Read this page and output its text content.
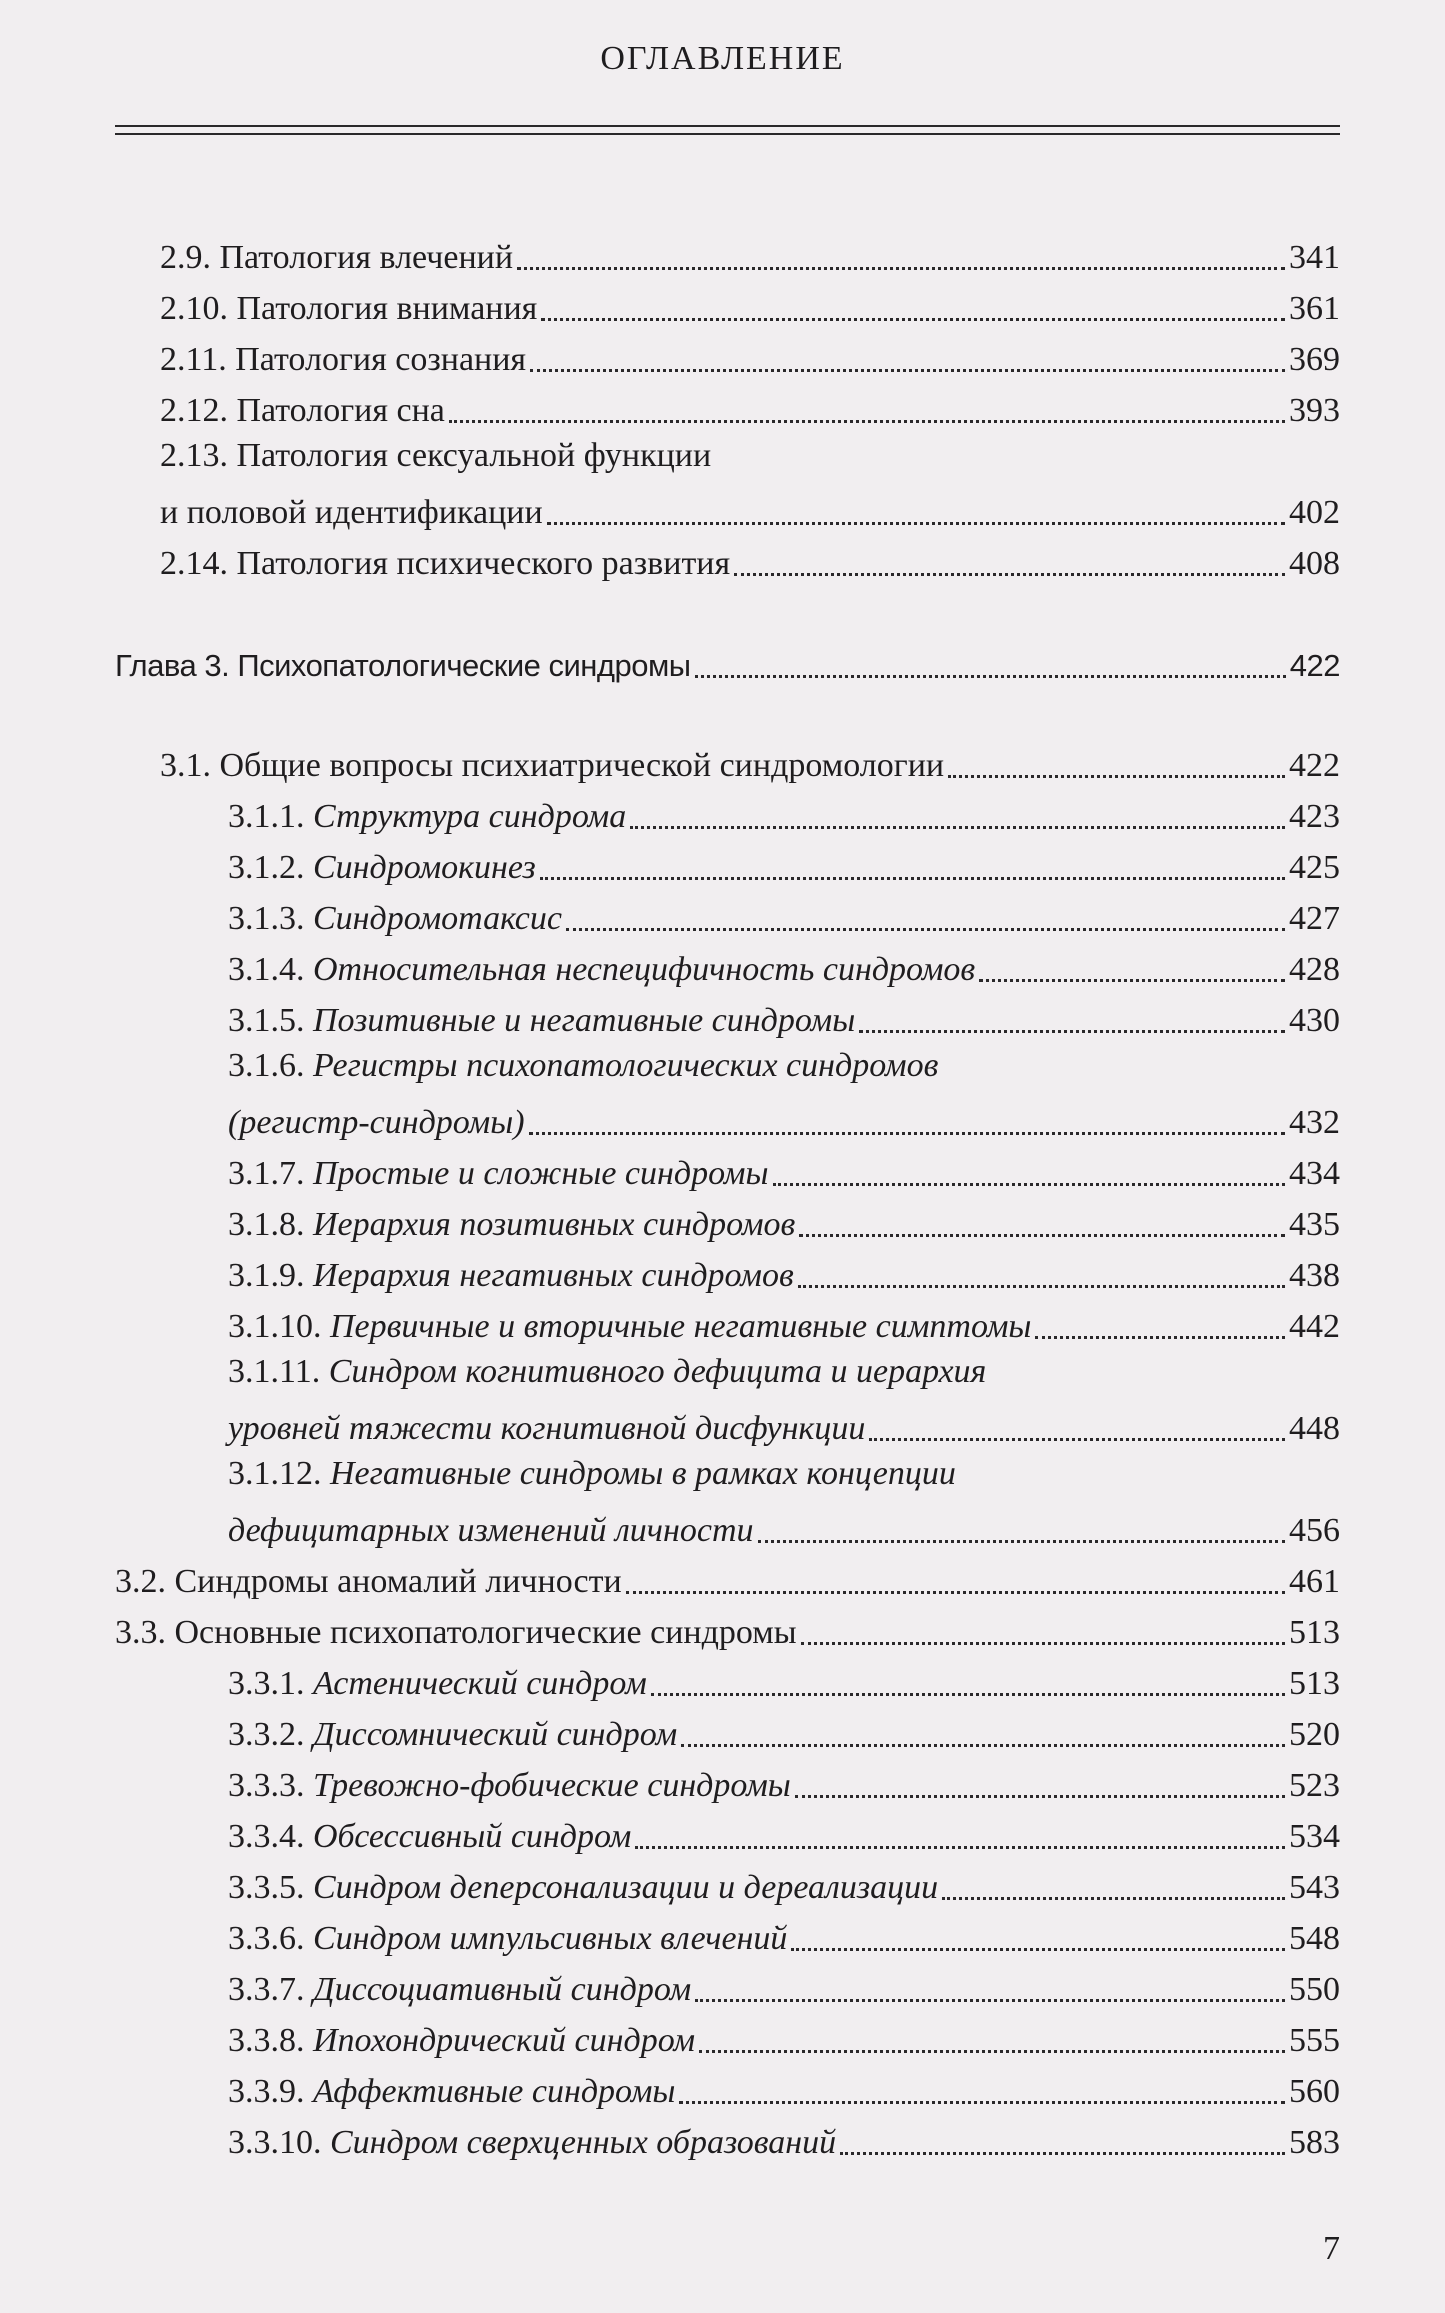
ОГЛАВЛЕНИЕ
2.9. Патология влечений	341
2.10. Патология внимания	361
2.11. Патология сознания	369
2.12. Патология сна	393
2.13. Патология сексуальной функции
и половой идентификации	402
2.14. Патология психического развития	408
Глава 3. Психопатологические синдромы	422
3.1. Общие вопросы психиатрической синдромологии	422
3.1.1. Структура синдрома	423
3.1.2. Синдромокинез	425
3.1.3. Синдромотаксис	427
3.1.4. Относительная неспецифичность синдромов	428
3.1.5. Позитивные и негативные синдромы	430
3.1.6. Регистры психопатологических синдромов
(регистр-синдромы)	432
3.1.7. Простые и сложные синдромы	434
3.1.8. Иерархия позитивных синдромов	435
3.1.9. Иерархия негативных синдромов	438
3.1.10. Первичные и вторичные негативные симптомы	442
3.1.11. Синдром когнитивного дефицита и иерархия
уровней тяжести когнитивной дисфункции	448
3.1.12. Негативные синдромы в рамках концепции
дефицитарных изменений личности	456
3.2. Синдромы аномалий личности	461
3.3. Основные психопатологические синдромы	513
3.3.1. Астенический синдром	513
3.3.2. Диссомнический синдром	520
3.3.3. Тревожно-фобические синдромы	523
3.3.4. Обсессивный синдром	534
3.3.5. Синдром деперсонализации и дереализации	543
3.3.6. Синдром импульсивных влечений	548
3.3.7. Диссоциативный синдром	550
3.3.8. Ипохондрический синдром	555
3.3.9. Аффективные синдромы	560
3.3.10. Синдром сверхценных образований	583
7
